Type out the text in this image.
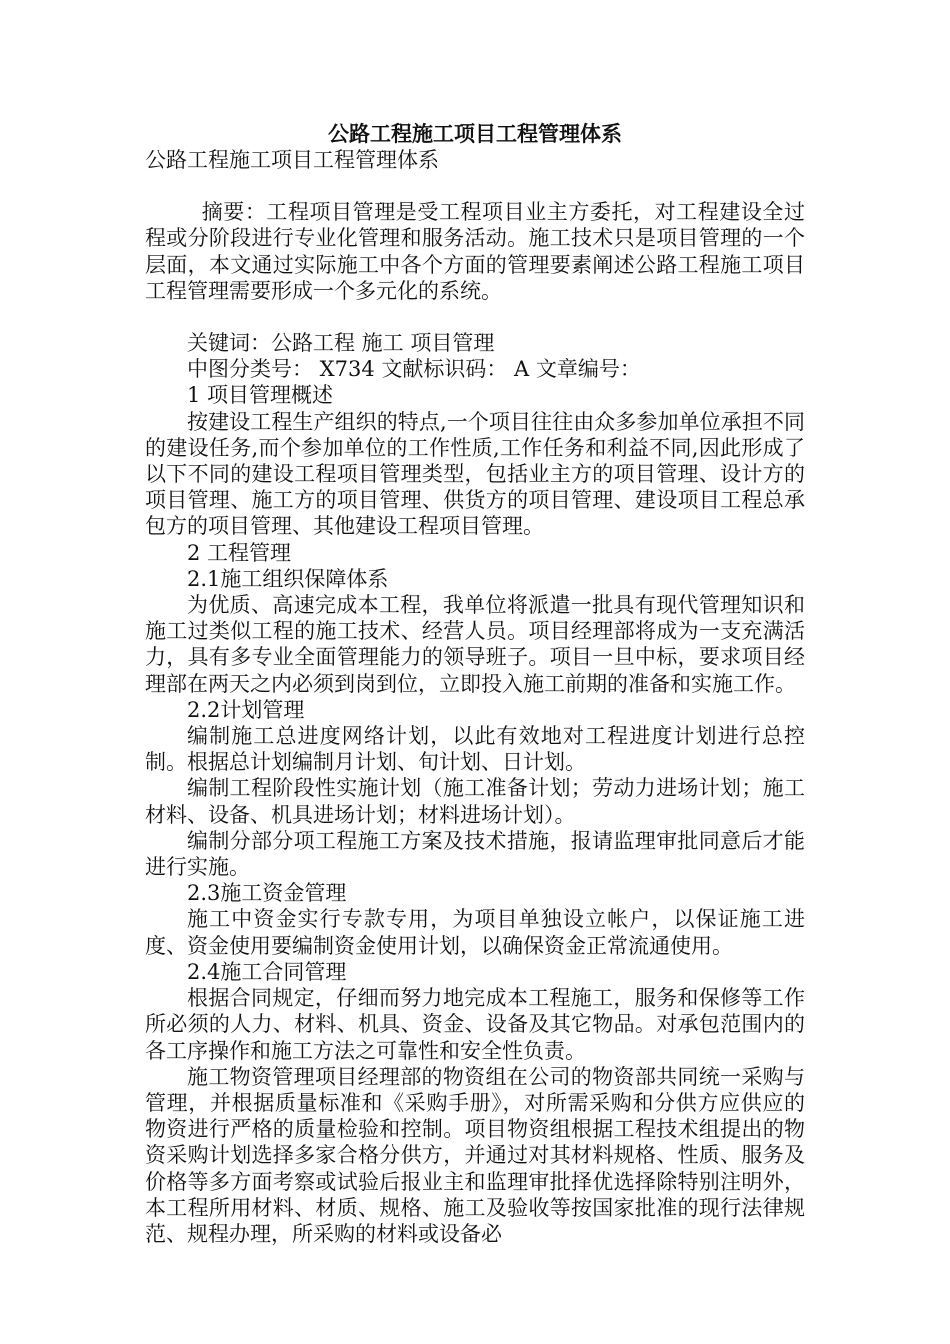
公路工程施工项目工程管理体系

公路工程施工项目工程管理体系

摘要：工程项目管理是受工程项目业主方委托，对工程建设全过程或分阶段进行专业化管理和服务活动。施工技术只是项目管理的一个层面，本文通过实际施工中各个方面的管理要素阐述公路工程施工项目工程管理需要形成一个多元化的系统。

关键词：公路工程 施工 项目管理

中图分类号： X734 文献标识码： A 文章编号：

1 项目管理概述

按建设工程生产组织的特点,一个项目往往由众多参加单位承担不同的建设任务,而个参加单位的工作性质,工作任务和利益不同,因此形成了以下不同的建设工程项目管理类型，包括业主方的项目管理、设计方的项目管理、施工方的项目管理、供货方的项目管理、建设项目工程总承包方的项目管理、其他建设工程项目管理。

2 工程管理

2.1施工组织保障体系

为优质、高速完成本工程，我单位将派遣一批具有现代管理知识和施工过类似工程的施工技术、经营人员。项目经理部将成为一支充满活力，具有多专业全面管理能力的领导班子。项目一旦中标，要求项目经理部在两天之内必须到岗到位，立即投入施工前期的准备和实施工作。

2.2计划管理

编制施工总进度网络计划，以此有效地对工程进度计划进行总控制。根据总计划编制月计划、旬计划、日计划。

编制工程阶段性实施计划（施工准备计划；劳动力进场计划；施工材料、设备、机具进场计划；材料进场计划）。

编制分部分项工程施工方案及技术措施，报请监理审批同意后才能进行实施。

2.3施工资金管理

施工中资金实行专款专用，为项目单独设立帐户，以保证施工进度、资金使用要编制资金使用计划，以确保资金正常流通使用。

2.4施工合同管理

根据合同规定，仔细而努力地完成本工程施工，服务和保修等工作所必须的人力、材料、机具、资金、设备及其它物品。对承包范围内的各工序操作和施工方法之可靠性和安全性负责。

施工物资管理项目经理部的物资组在公司的物资部共同统一采购与管理，并根据质量标准和《采购手册》，对所需采购和分供方应供应的物资进行严格的质量检验和控制。项目物资组根据工程技术组提出的物资采购计划选择多家合格分供方，并通过对其材料规格、性质、服务及价格等多方面考察或试验后报业主和监理审批择优选择除特别注明外，本工程所用材料、材质、规格、施工及验收等按国家批准的现行法律规范、规程办理，所采购的材料或设备必
